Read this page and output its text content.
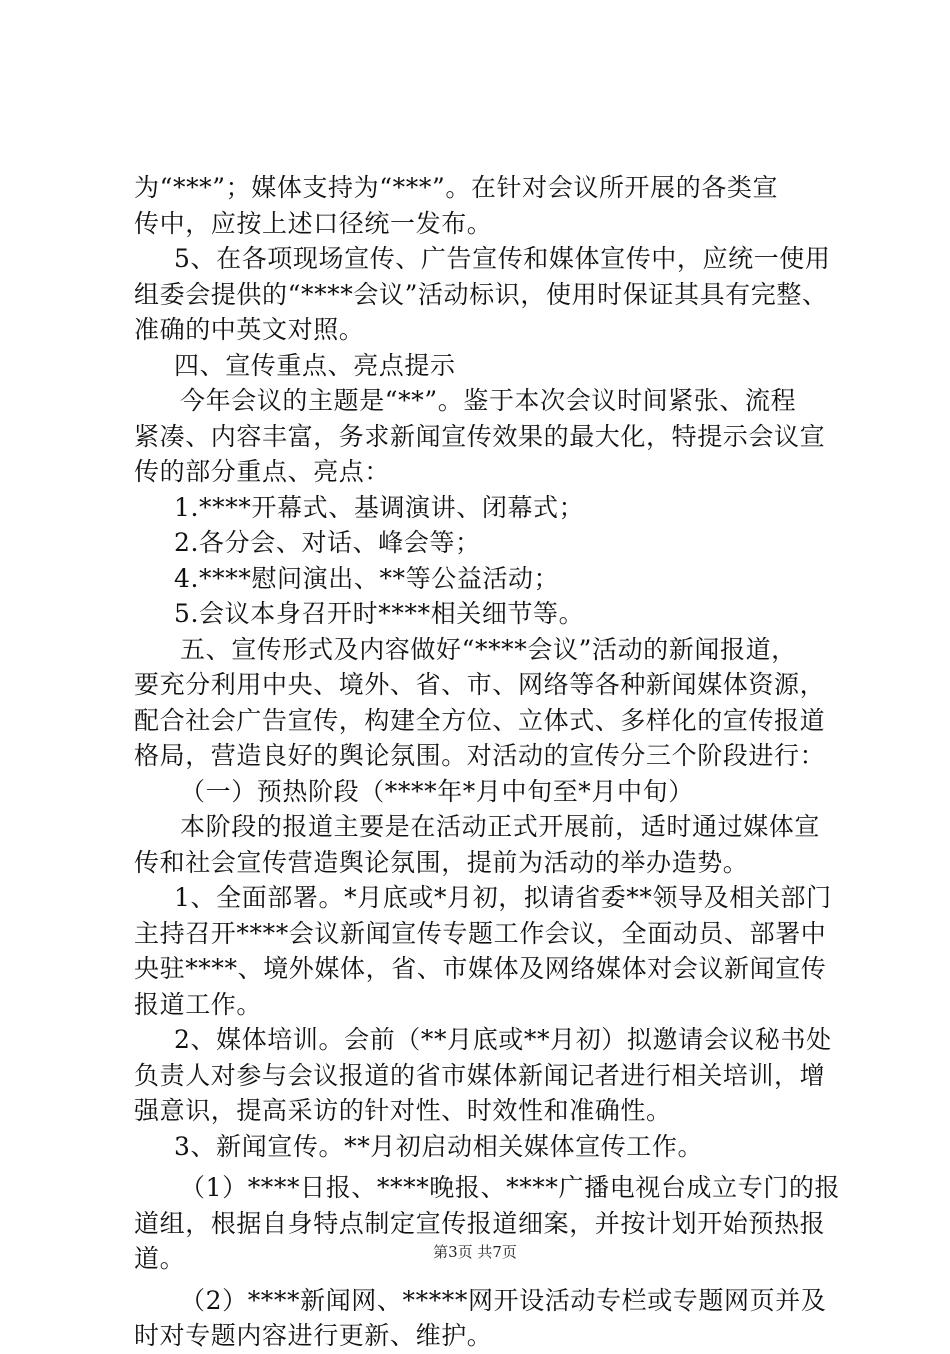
为“***”；媒体支持为“***”。在针对会议所开展的各类宣
传中，应按上述口径统一发布。
5、在各项现场宣传、广告宣传和媒体宣传中，应统一使用
组委会提供的“****会议”活动标识，使用时保证其具有完整、
准确的中英文对照。
四、宣传重点、亮点提示
今年会议的主题是“**”。鉴于本次会议时间紧张、流程
紧凑、内容丰富，务求新闻宣传效果的最大化，特提示会议宣
传的部分重点、亮点：
1.****开幕式、基调演讲、闭幕式；
2.各分会、对话、峰会等；
4.****慰问演出、**等公益活动；
5.会议本身召开时****相关细节等。
五、宣传形式及内容做好“****会议”活动的新闻报道，
要充分利用中央、境外、省、市、网络等各种新闻媒体资源，
配合社会广告宣传，构建全方位、立体式、多样化的宣传报道
格局，营造良好的舆论氛围。对活动的宣传分三个阶段进行：
（一）预热阶段（****年*月中旬至*月中旬）
本阶段的报道主要是在活动正式开展前，适时通过媒体宣
传和社会宣传营造舆论氛围，提前为活动的举办造势。
1、全面部署。*月底或*月初，拟请省委**领导及相关部门
主持召开****会议新闻宣传专题工作会议，全面动员、部署中
央驻****、境外媒体，省、市媒体及网络媒体对会议新闻宣传
报道工作。
2、媒体培训。会前（**月底或**月初）拟邀请会议秘书处
负责人对参与会议报道的省市媒体新闻记者进行相关培训，增
强意识，提高采访的针对性、时效性和准确性。
3、新闻宣传。**月初启动相关媒体宣传工作。
（1）****日报、****晚报、****广播电视台成立专门的报
道组，根据自身特点制定宣传报道细案，并按计划开始预热报
道。
（2）****新闻网、*****网开设活动专栏或专题网页并及
时对专题内容进行更新、维护。
第3页 共7页
